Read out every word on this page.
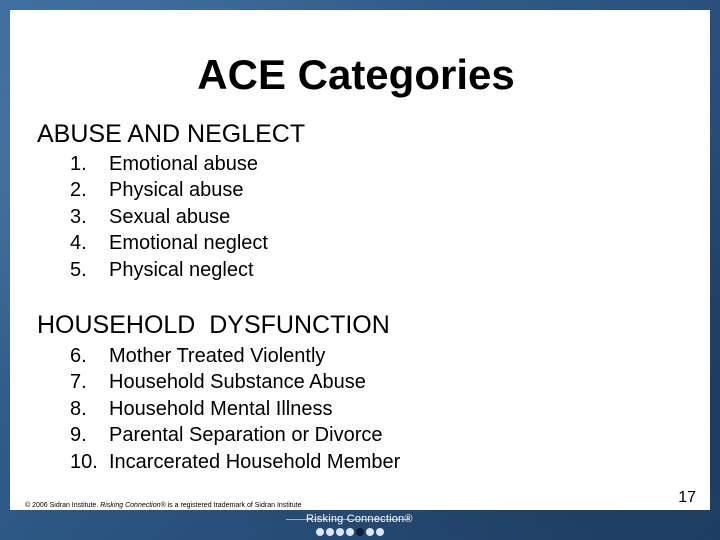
ACE Categories
ABUSE AND NEGLECT
1. Emotional abuse
2. Physical abuse
3. Sexual abuse
4. Emotional neglect
5. Physical neglect
HOUSEHOLD  DYSFUNCTION
6. Mother Treated Violently
7. Household Substance Abuse
8. Household Mental Illness
9. Parental Separation or Divorce
10. Incarcerated Household Member
© 2006 Sidran Institute. Risking Connection® is a registered trademark of Sidran Institute	17
Risking Connection®
